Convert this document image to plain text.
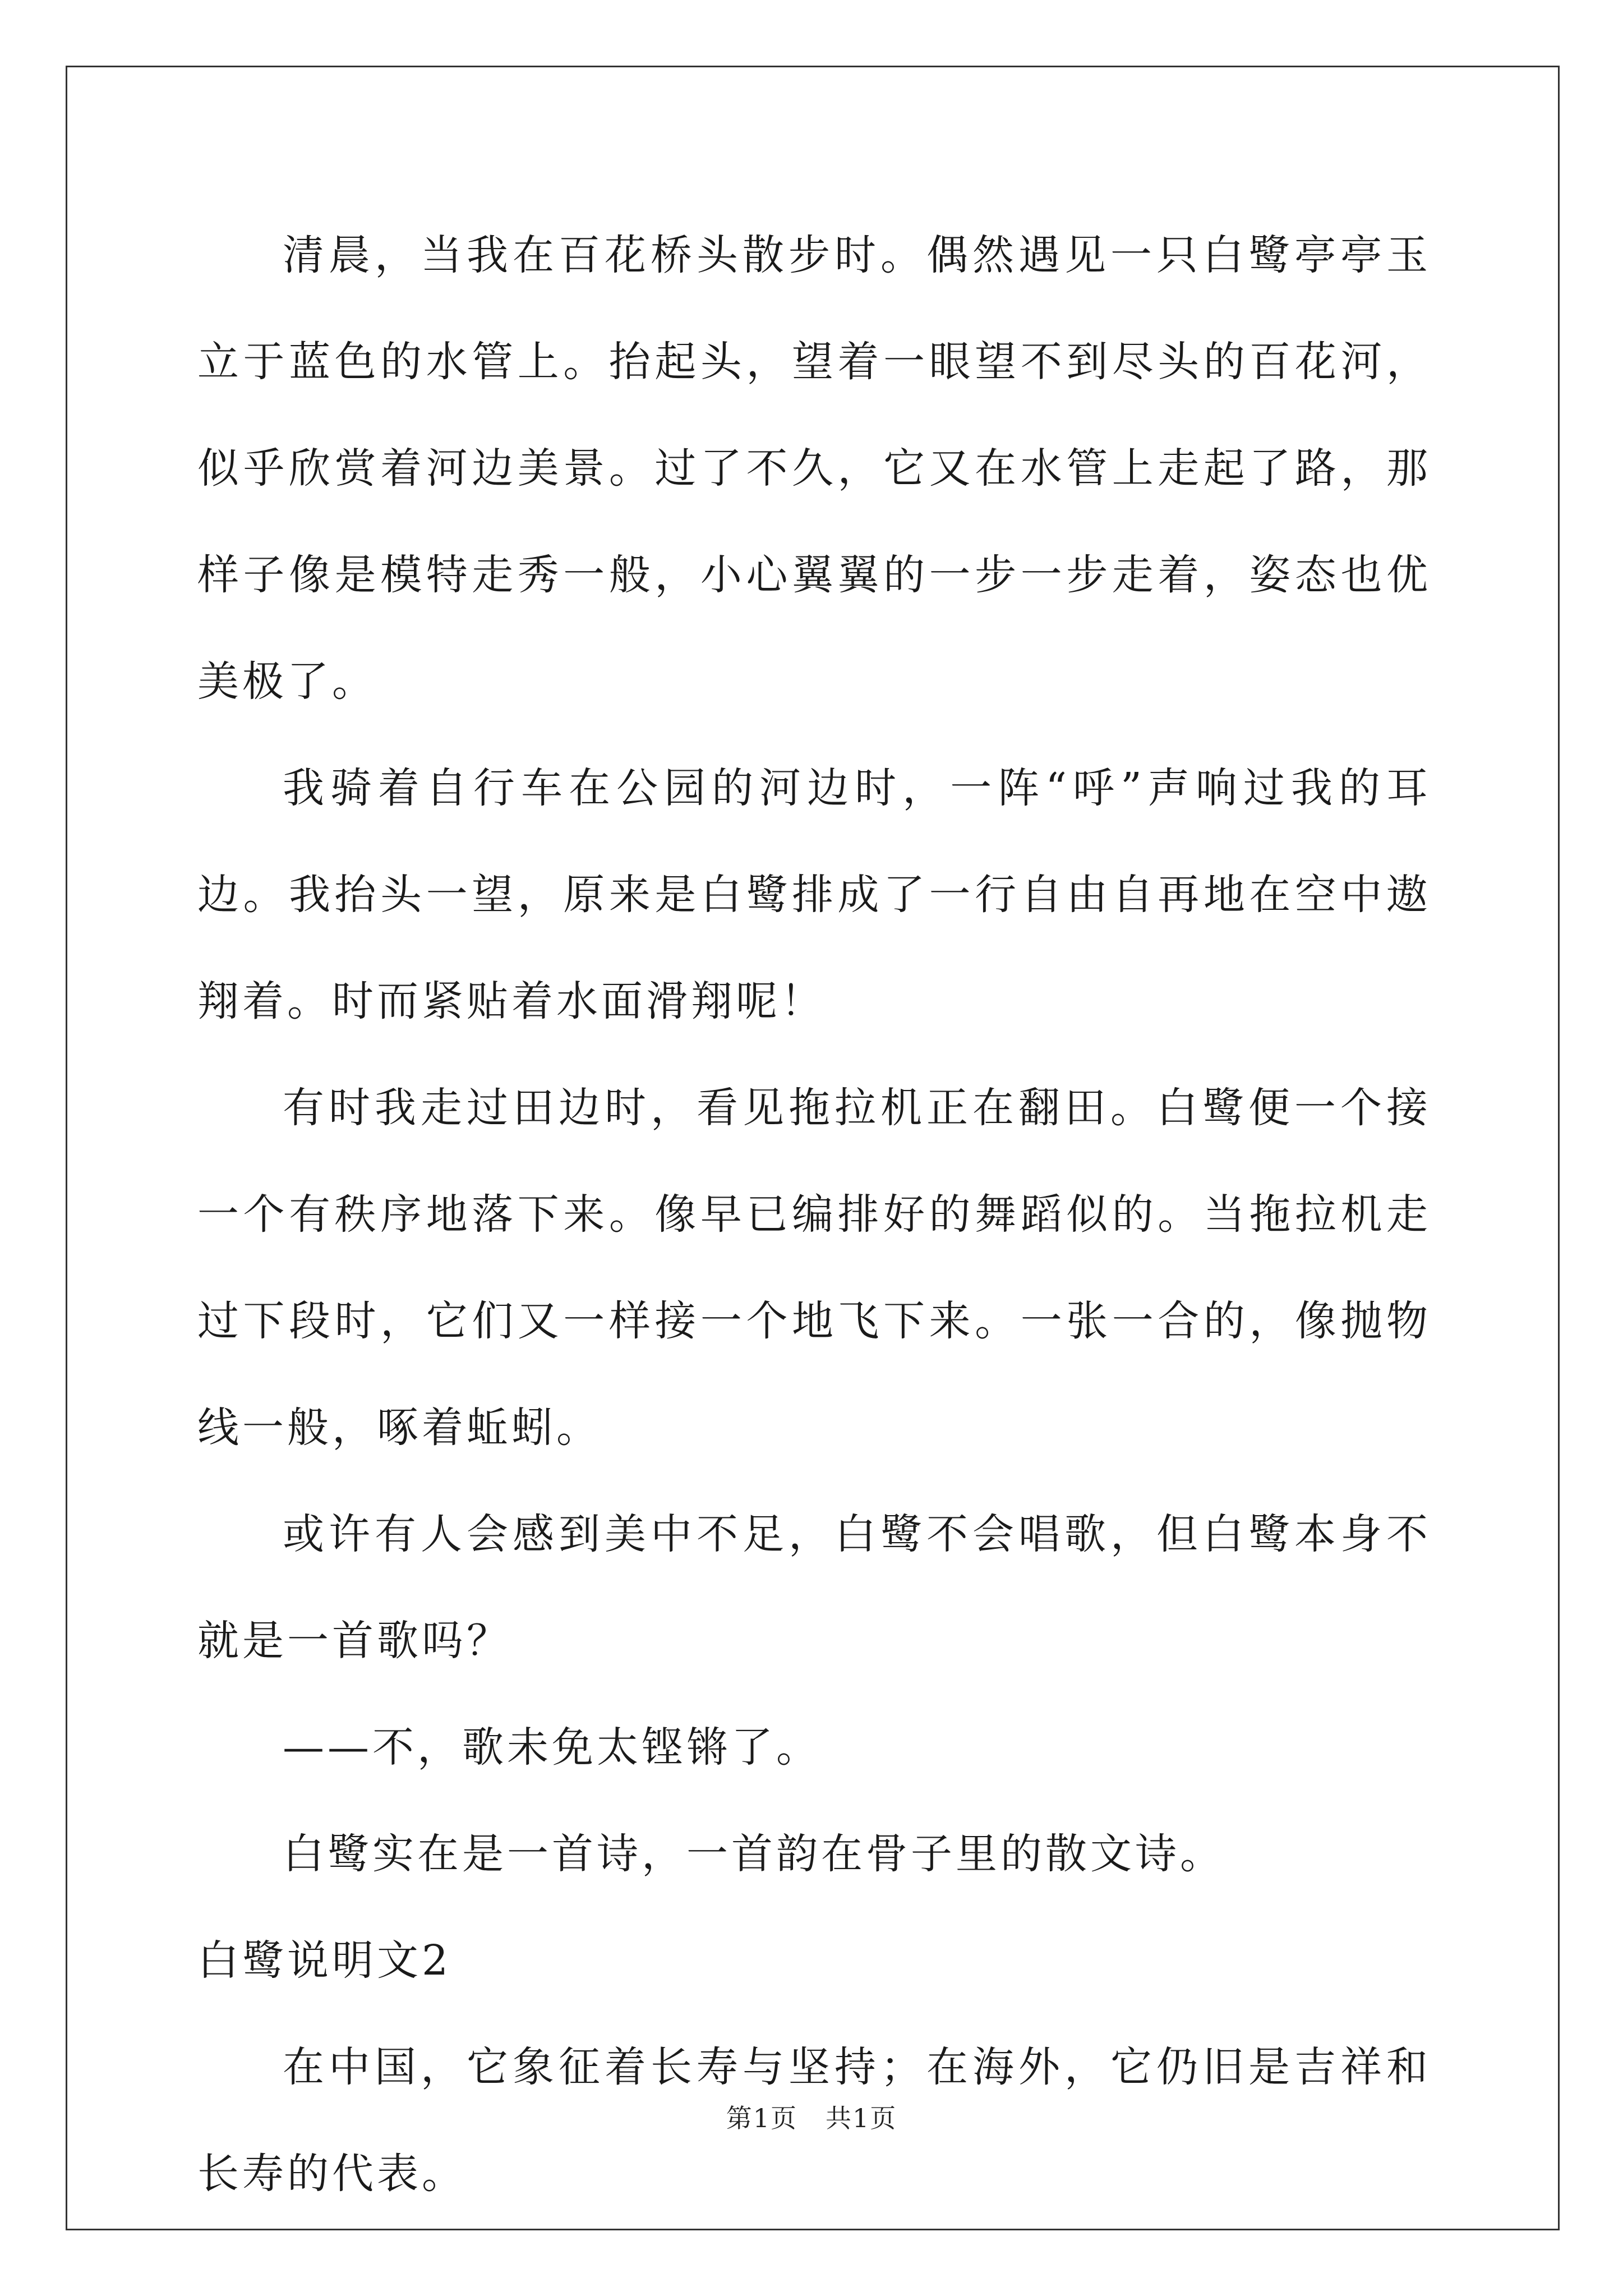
清晨，当我在百花桥头散步时。偶然遇见一只白鹭亭亭玉立于蓝色的水管上。抬起头，望着一眼望不到尽头的百花河，似乎欣赏着河边美景。过了不久，它又在水管上走起了路，那样子像是模特走秀一般，小心翼翼的一步一步走着，姿态也优美极了。

我骑着自行车在公园的河边时，一阵“呼”声响过我的耳边。我抬头一望，原来是白鹭排成了一行自由自再地在空中遨翔着。时而紧贴着水面滑翔呢！

有时我走过田边时，看见拖拉机正在翻田。白鹭便一个接一个有秩序地落下来。像早已编排好的舞蹈似的。当拖拉机走过下段时，它们又一样接一个地飞下来。一张一合的，像抛物线一般，啄着蚯蚓。

或许有人会感到美中不足，白鹭不会唱歌，但白鹭本身不就是一首歌吗？

——不，歌未免太铿锵了。

白鹭实在是一首诗，一首韵在骨子里的散文诗。

白鹭说明文2

在中国，它象征着长寿与坚持；在海外，它仍旧是吉祥和长寿的代表。

第1页 共1页
